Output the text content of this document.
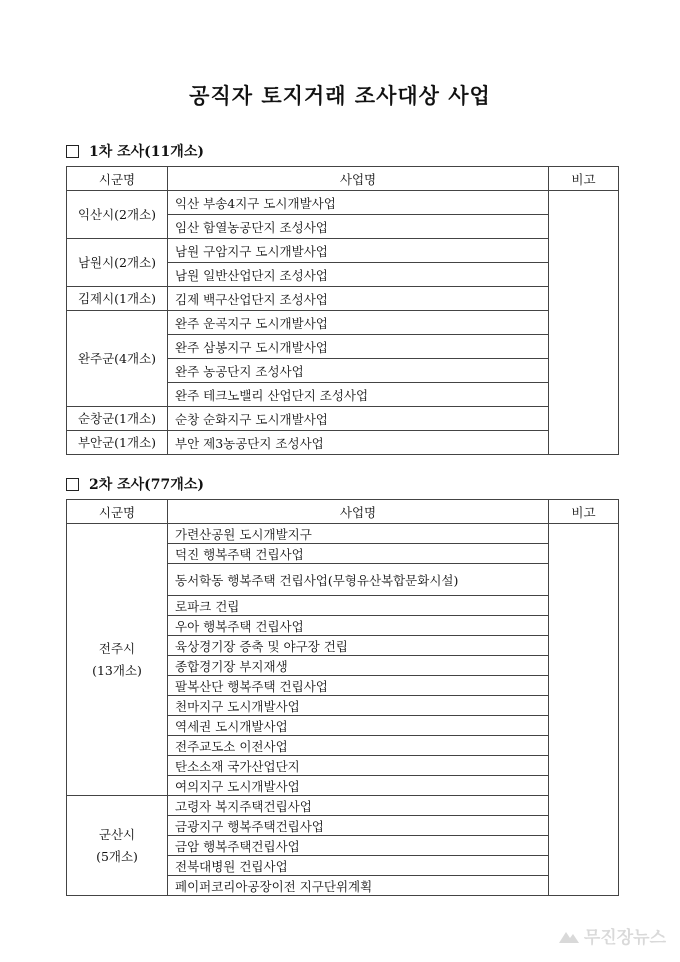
공직자 토지거래 조사대상 사업
1차 조사(11개소)
시군명	사업명	비고
익산시(2개소)	익산 부송4지구 도시개발사업	
	임산 함열농공단지 조성사업	
남원시(2개소)	남원 구암지구 도시개발사업	
	남원 일반산업단지 조성사업	
김제시(1개소)	김제 백구산업단지 조성사업	
완주군(4개소)	완주 운곡지구 도시개발사업	
	완주 삼봉지구 도시개발사업	
	완주 농공단지 조성사업	
	완주 테크노밸리 산업단지 조성사업	
순창군(1개소)	순창 순화지구 도시개발사업	
부안군(1개소)	부안 제3농공단지 조성사업	
2차 조사(77개소)
시군명	사업명	비고

전주시
(13개소)	가련산공원 도시개발지구	
	덕진 행복주택 건립사업	
	동서학동 행복주택 건립사업(무형유산복합문화시설)	
	로파크 건립	
	우아 행복주택 건립사업	
	육상경기장 증축 및 야구장 건립	
	종합경기장 부지재생	
	팔복산단 행복주택 건립사업	
	천마지구 도시개발사업	
	역세권 도시개발사업	
	전주교도소 이전사업	
	탄소소재 국가산업단지	
	여의지구 도시개발사업	

군산시
(5개소)	고령자 복지주택건립사업	
	금광지구 행복주택건립사업	
	금암 행복주택건립사업	
	전북대병원 건립사업	
	페이퍼코리아공장이전 지구단위계획	
무진장뉴스
